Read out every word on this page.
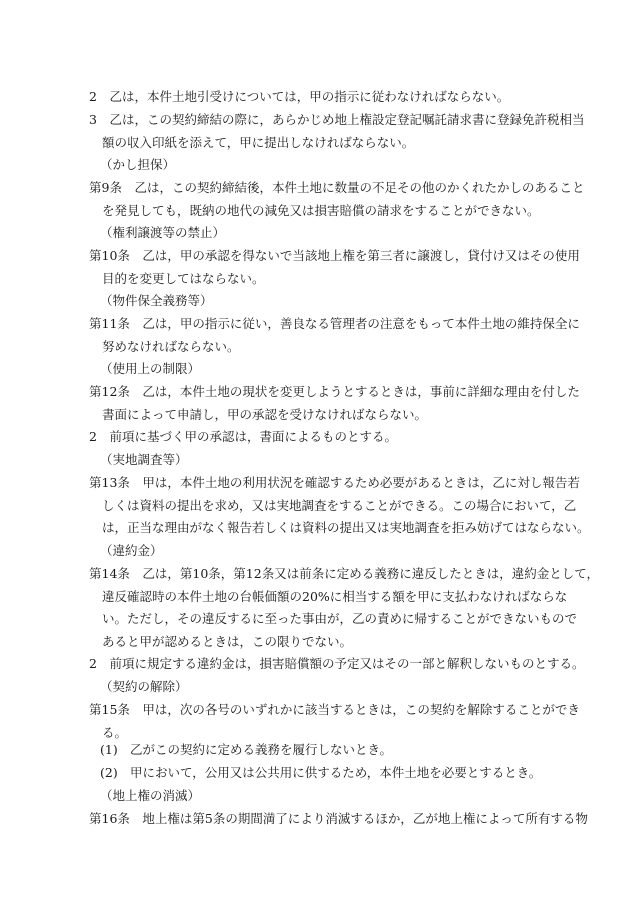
2　乙は，本件土地引受けについては，甲の指示に従わなければならない。
3　乙は，この契約締結の際に，あらかじめ地上権設定登記嘱託請求書に登録免許税相当
額の収入印紙を添えて，甲に提出しなければならない。
（かし担保）
第9条　乙は，この契約締結後，本件土地に数量の不足その他のかくれたかしのあること
を発見しても，既納の地代の減免又は損害賠償の請求をすることができない。
（権利譲渡等の禁止）
第10条　乙は，甲の承認を得ないで当該地上権を第三者に譲渡し，貸付け又はその使用
目的を変更してはならない。
（物件保全義務等）
第11条　乙は，甲の指示に従い，善良なる管理者の注意をもって本件土地の維持保全に
努めなければならない。
（使用上の制限）
第12条　乙は，本件土地の現状を変更しようとするときは，事前に詳細な理由を付した
書面によって申請し，甲の承認を受けなければならない。
2　前項に基づく甲の承認は，書面によるものとする。
（実地調査等）
第13条　甲は，本件土地の利用状況を確認するため必要があるときは，乙に対し報告若
しくは資料の提出を求め，又は実地調査をすることができる。この場合において，乙
は，正当な理由がなく報告若しくは資料の提出又は実地調査を拒み妨げてはならない。
（違約金）
第14条　乙は，第10条，第12条又は前条に定める義務に違反したときは，違約金として，
違反確認時の本件土地の台帳価額の20%に相当する額を甲に支払わなければならな
い。ただし，その違反するに至った事由が，乙の責めに帰することができないもので
あると甲が認めるときは，この限りでない。
2　前項に規定する違約金は，損害賠償額の予定又はその一部と解釈しないものとする。
（契約の解除）
第15条　甲は，次の各号のいずれかに該当するときは，この契約を解除することができ
る。
(1) 乙がこの契約に定める義務を履行しないとき。
(2) 甲において，公用又は公共用に供するため，本件土地を必要とするとき。
（地上権の消滅）
第16条　地上権は第5条の期間満了により消滅するほか，乙が地上権によって所有する物
